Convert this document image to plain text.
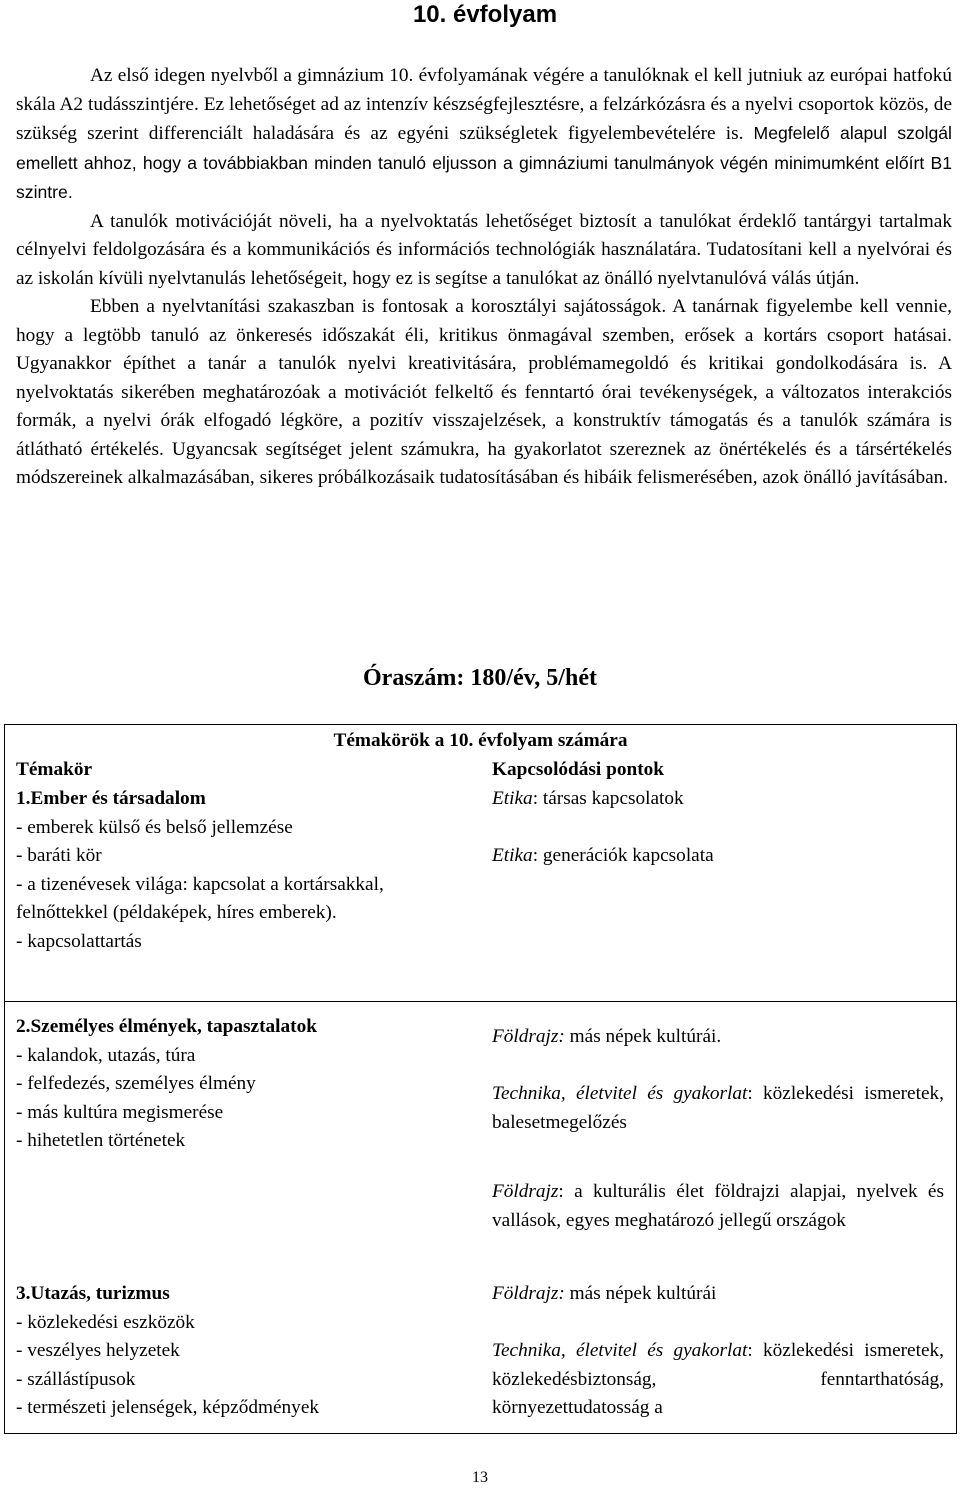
10. évfolyam

Az első idegen nyelvből a gimnázium 10. évfolyamának végére a tanulóknak el kell jutniuk az európai hatfokú skála A2 tudásszintjére. Ez lehetőséget ad az intenzív készségfejlesztésre, a felzárkózásra és a nyelvi csoportok közös, de szükség szerint differenciált haladására és az egyéni szükségletek figyelembevételére is. Megfelelő alapul szolgál emellett ahhoz, hogy a továbbiakban minden tanuló eljusson a gimnáziumi tanulmányok végén minimumként előírt B1 szintre.

A tanulók motivációját növeli, ha a nyelvoktatás lehetőséget biztosít a tanulókat érdeklő tantárgyi tartalmak célnyelvi feldolgozására és a kommunikációs és információs technológiák használatára. Tudatosítani kell a nyelvórai és az iskolán kívüli nyelvtanulás lehetőségeit, hogy ez is segítse a tanulókat az önálló nyelvtanulóvá válás útján.

Ebben a nyelvtanítási szakaszban is fontosak a korosztályi sajátosságok. A tanárnak figyelembe kell vennie, hogy a legtöbb tanuló az önkeresés időszakát éli, kritikus önmagával szemben, erősek a kortárs csoport hatásai. Ugyanakkor építhet a tanár a tanulók nyelvi kreativitására, problémamegoldó és kritikai gondolkodására is. A nyelvoktatás sikerében meghatározóak a motivációt felkeltő és fenntartó órai tevékenységek, a változatos interakciós formák, a nyelvi órák elfogadó légköre, a pozitív visszajelzések, a konstruktív támogatás és a tanulók számára is átlátható értékelés. Ugyancsak segítséget jelent számukra, ha gyakorlatot szereznek az önértékelés és a társértékelés módszereinek alkalmazásában, sikeres próbálkozásaik tudatosításában és hibáik felismerésében, azok önálló javításában.

Óraszám: 180/év, 5/hét
Témakörök a 10. évfolyam számára
Témakör	Kapcsolódási pontok
1.Ember és társadalom
- emberek külső és belső jellemzése
- baráti kör
- a tizenévesek világa: kapcsolat a kortársakkal, felnőttekkel (példaképek, híres emberek).
- kapcsolattartás
Etika: társas kapcsolatok
Etika: generációk kapcsolata
2.Személyes élmények, tapasztalatok
- kalandok, utazás, túra
- felfedezés, személyes élmény
- más kultúra megismerése
- hihetetlen történetek
Földrajz: más népek kultúrái.
Technika, életvitel és gyakorlat: közlekedési ismeretek, balesetmegelőzés
Földrajz: a kulturális élet földrajzi alapjai, nyelvek és vallások, egyes meghatározó jellegű országok
3.Utazás, turizmus
- közlekedési eszközök
- veszélyes helyzetek
- szállástípusok
- természeti jelenségek, képződmények
Földrajz: más népek kultúrái
Technika, életvitel és gyakorlat: közlekedési ismeretek, közlekedésbiztonság, fenntarthatóság, környezettudatosság a
13
